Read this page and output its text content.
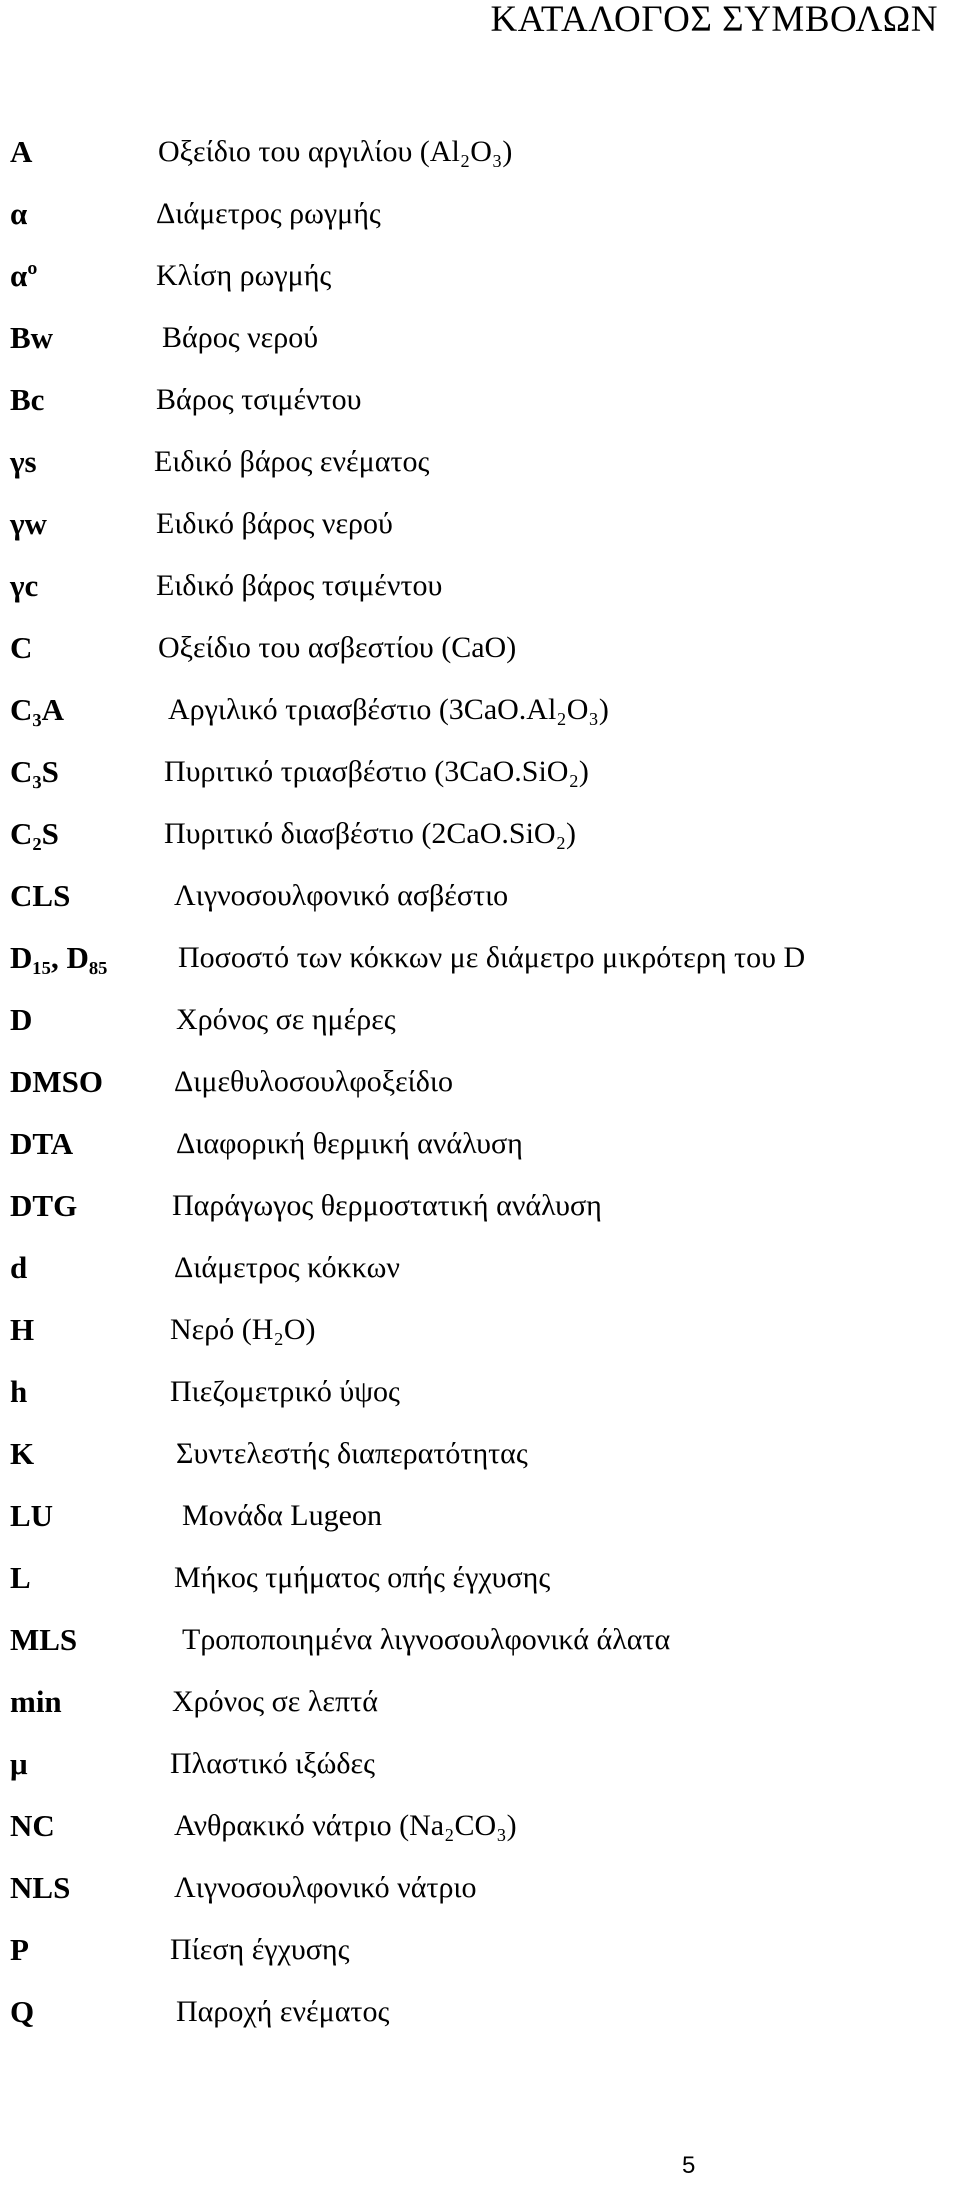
ΚΑΤΑΛΟΓΟΣ ΣΥΜΒΟΛΩΝ
A	Οξείδιο του αργιλίου (Al₂O₃)
α	Διάμετρος ρωγμής
αº	Κλίση ρωγμής
Bw	Βάρος νερού
Bc	Βάρος τσιμέντου
γs	Ειδικό βάρος ενέματος
γw	Ειδικό βάρος νερού
γc	Ειδικό βάρος τσιμέντου
C	Οξείδιο του ασβεστίου (CaO)
C₃A	Αργιλικό τριασβέστιο (3CaO.Al₂O₃)
C₃S	Πυριτικό τριασβέστιο (3CaO.SiO₂)
C₂S	Πυριτικό διασβέστιο (2CaO.SiO₂)
CLS	Λιγνοσουλφονικό ασβέστιο
D₁₅, D₈₅ Ποσοστό των κόκκων με διάμετρο μικρότερη του D
D	Χρόνος σε ημέρες
DMSO Διμεθυλοσουλφοξείδιο
DTA	Διαφορική θερμική ανάλυση
DTG	Παράγωγος θερμοστατική ανάλυση
d	Διάμετρος κόκκων
H	Νερό (H₂O)
h	Πιεζομετρικό ύψος
K	Συντελεστής διαπερατότητας
LU	Μονάδα Lugeon
L	Μήκος τμήματος οπής έγχυσης
MLS	Τροποποιημένα λιγνοσουλφονικά άλατα
min	Χρόνος σε λεπτά
μ	Πλαστικό ιξώδες
NC	Ανθρακικό νάτριο (Na₂CO₃)
NLS	Λιγνοσουλφονικό νάτριο
P	Πίεση έγχυσης
Q	Παροχή ενέματος
5
